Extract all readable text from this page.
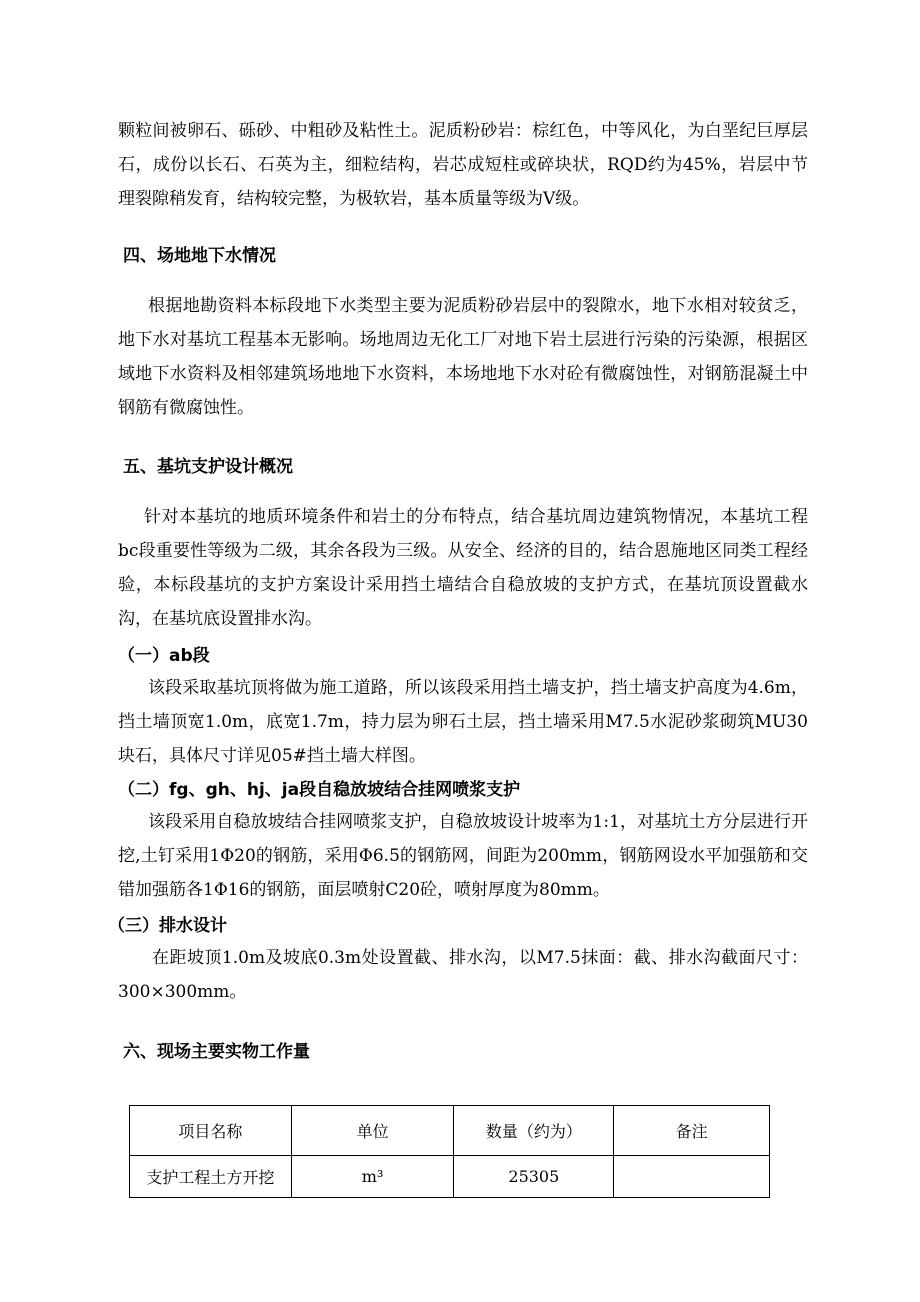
颗粒间被卵石、砾砂、中粗砂及粘性土。泥质粉砂岩：棕红色，中等风化，为白垩纪巨厚层石，成份以长石、石英为主，细粒结构，岩芯成短柱或碎块状，RQD约为45%，岩层中节理裂隙稍发育，结构较完整，为极软岩，基本质量等级为Ⅴ级。

四、场地地下水情况

根据地勘资料本标段地下水类型主要为泥质粉砂岩层中的裂隙水，地下水相对较贫乏，地下水对基坑工程基本无影响。场地周边无化工厂对地下岩土层进行污染的污染源，根据区域地下水资料及相邻建筑场地地下水资料，本场地地下水对砼有微腐蚀性，对钢筋混凝土中钢筋有微腐蚀性。

五、基坑支护设计概况

针对本基坑的地质环境条件和岩土的分布特点，结合基坑周边建筑物情况，本基坑工程bc段重要性等级为二级，其余各段为三级。从安全、经济的目的，结合恩施地区同类工程经验，本标段基坑的支护方案设计采用挡土墙结合自稳放坡的支护方式，在基坑顶设置截水沟，在基坑底设置排水沟。

（一）ab段

该段采取基坑顶将做为施工道路，所以该段采用挡土墙支护，挡土墙支护高度为4.6m，挡土墙顶宽1.0m，底宽1.7m，持力层为卵石土层，挡土墙采用M7.5水泥砂浆砌筑MU30块石，具体尺寸详见05#挡土墙大样图。

（二）fg、gh、hj、ja段自稳放坡结合挂网喷浆支护

该段采用自稳放坡结合挂网喷浆支护，自稳放坡设计坡率为1:1，对基坑土方分层进行开挖,土钉采用1Φ20的钢筋，采用Φ6.5的钢筋网，间距为200mm，钢筋网设水平加强筋和交错加强筋各1Φ16的钢筋，面层喷射C20砼，喷射厚度为80mm。

（三）排水设计

在距坡顶1.0m及坡底0.3m处设置截、排水沟，以M7.5抹面：截、排水沟截面尺寸：300×300mm。

六、现场主要实物工作量
项目名称	单位	数量（约为）	备注
支护工程土方开挖	m³	25305	
